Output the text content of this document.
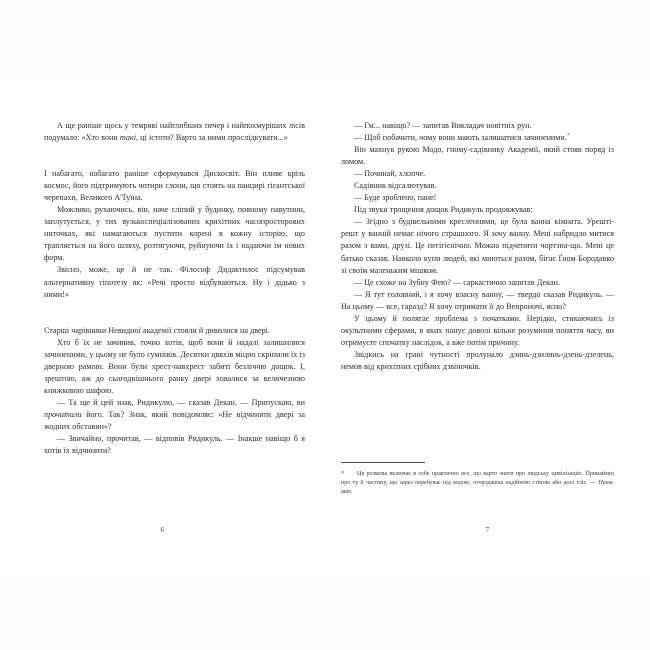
А ще раніше щось у темряві найглибших печер і найпохмуріших лісів подумало: «Хто вони такі, ці істоти? Варто за ними прослідкувати...»

І набагато, набагато раніше сформувався Дискосвіт. Він пливе крізь космос, його підтримують чотири слони, що стоять на панцирі гігантської черепахи, Великого А'Туїна.

Можливо, рухаючись, він, наче сліпий у будинку, повному павутини, заплутується, у тих вузькоспеціалізованих крихітних часопросторових ниточках, які намагаються пустити корені в кожну історію, що трапляється на його шляху, розтягуючи, руйнуючи їх і надаючи їм нових форм.

Звісно, може, це й не так. Філософ Дидактилос підсумував альтернативну гіпотезу як: «Речі просто відбуваються. Ну і дідько з ними!»

Старші чарівники Невидної академії стояли й дивилися на двері.

Хто б їх не зачинив, точно хотів, щоб вони й надалі залишилися зачиненими, у цьому не було сумнівів. Десятки цвяхів міцно скріпили їх із дверною рамою. Вони були хрест-навхрест забиті безліччю дощок. І, зрештою, аж до сьогоднішнього ранку двері ховалися за величезною книжковою шафою.

— Та ще й цей знак, Ридикулю, — сказав Декан. — Припускаю, ви прочитали його. Так? Знак, який повідомляє: «Не відчиняти двері за жодних обставин»?

— Звичайно, прочитав, — відповів Ридикуль. — Інакше навіщо б я хотів їх відчинити?

6

— Гм... навіщо? — запитав Викладач новітніх рун.

— Щоб побачити, чому вони мають залишатися зачиненими.*

Він махнув рукою Модо, гному-садівнику Академії, який стояв поряд із ломом.

— Починай, хлопче.

Садівник відсалютував.

— Буде зроблено, пане!

Під звуки трощення дощок Ридикуль продовжував:

— Згідно з будівельними кресленнями, це була ванна кімната. Урешті-решт у ванній немає нічого страшного. Я хочу ванну. Мені набридло митися разом з вами, друзі. Це негігієнічно. Можна підчепити чортзна-що. Мені це батько сказав. Навколо купи людей, які миються разом, бігає Ґном Бородавко зі своїм маленьким мішком.

— Це схоже на Зубну Фею? — саркастично запитав Декан.

— Я тут головний, і я хочу власну ванну, — твердо сказав Ридикуль. — На цьому — все, гаразд? Я хочу отримати її до Вепроночі, ясно?

У цьому й полягає проблема з початками. Нерідко, стикаючись із окультними сферами, в яких панує доволі вільне розуміння поняття часу, ви отримуєте спочатку наслідок, а вже потім причину.

Звідкись на грані чутності пролунало дзинь-дзилинь-дзень-дзелень, немов від крихітних срібних дзвіночків.

* Ця розмова включає в себе практично все, що варто знати про людську цивілізацію. Принаймні про ту її частину, що зараз перебуває під водою, огороджена надійною стіною або досі тліє. — Прим. авт.

7
